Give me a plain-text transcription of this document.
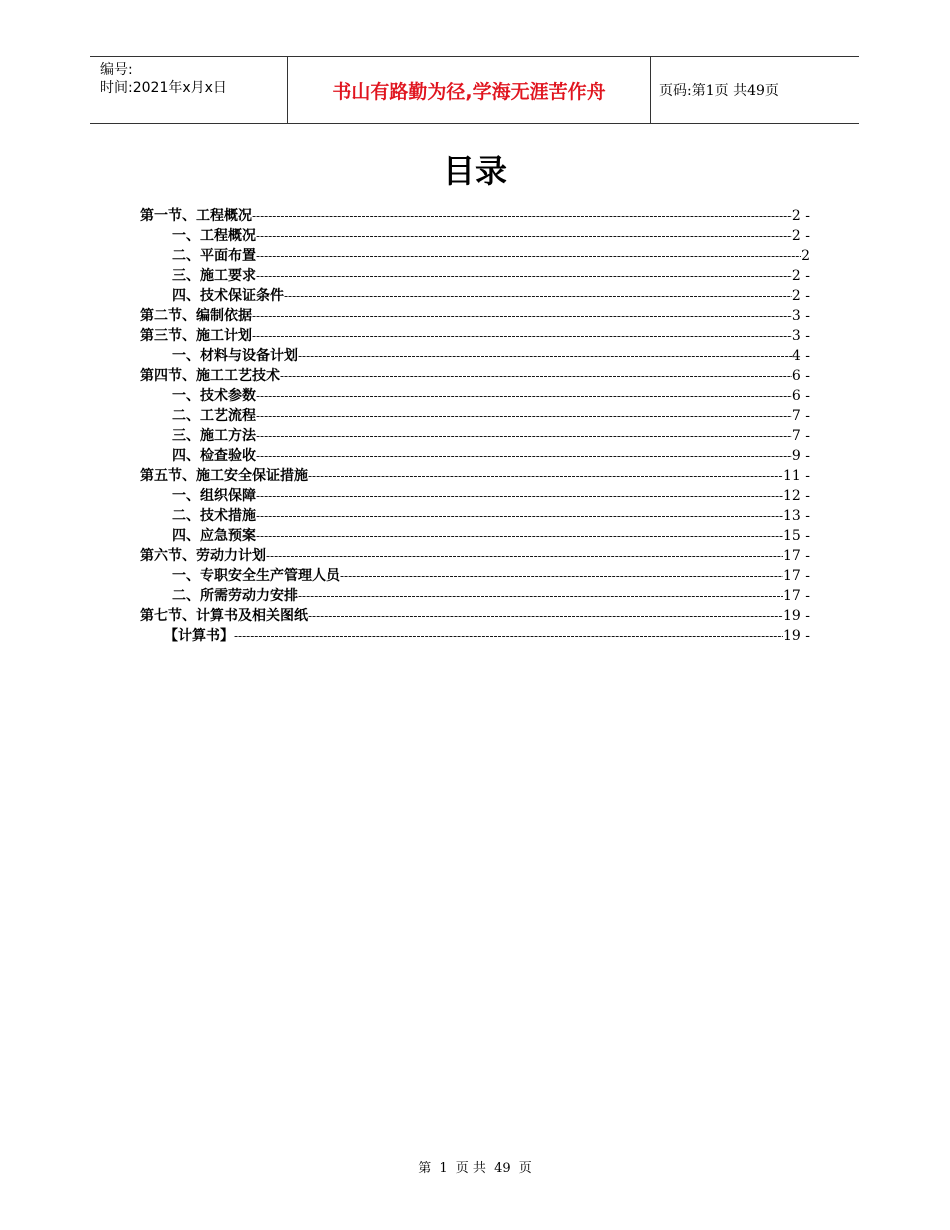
编号:
时间:2021年x月x日	书山有路勤为径,学海无涯苦作舟	页码:第1页 共49页
目录
第一节、工程概况 -----	2 -
一、工程概况 -----	2 -
二、平面布置 -----	2
三、施工要求 -----	2 -
四、技术保证条件 -----	2 -
第二节、编制依据 -----	3 -
第三节、施工计划 -----	3 -
一、材料与设备计划 -----	4 -
第四节、施工工艺技术 -----	6 -
一、技术参数 -----	6 -
二、工艺流程 -----	7 -
三、施工方法 -----	7 -
四、检查验收 -----	9 -
第五节、施工安全保证措施 -----	11 -
一、组织保障 -----	12 -
二、技术措施 -----	13 -
四、应急预案 -----	15 -
第六节、劳动力计划 -----	17 -
一、专职安全生产管理人员 -----	17 -
二、所需劳动力安排 -----	17 -
第七节、计算书及相关图纸 -----	19 -
【计算书】 -----	19 -
第 1 页 共 49 页
